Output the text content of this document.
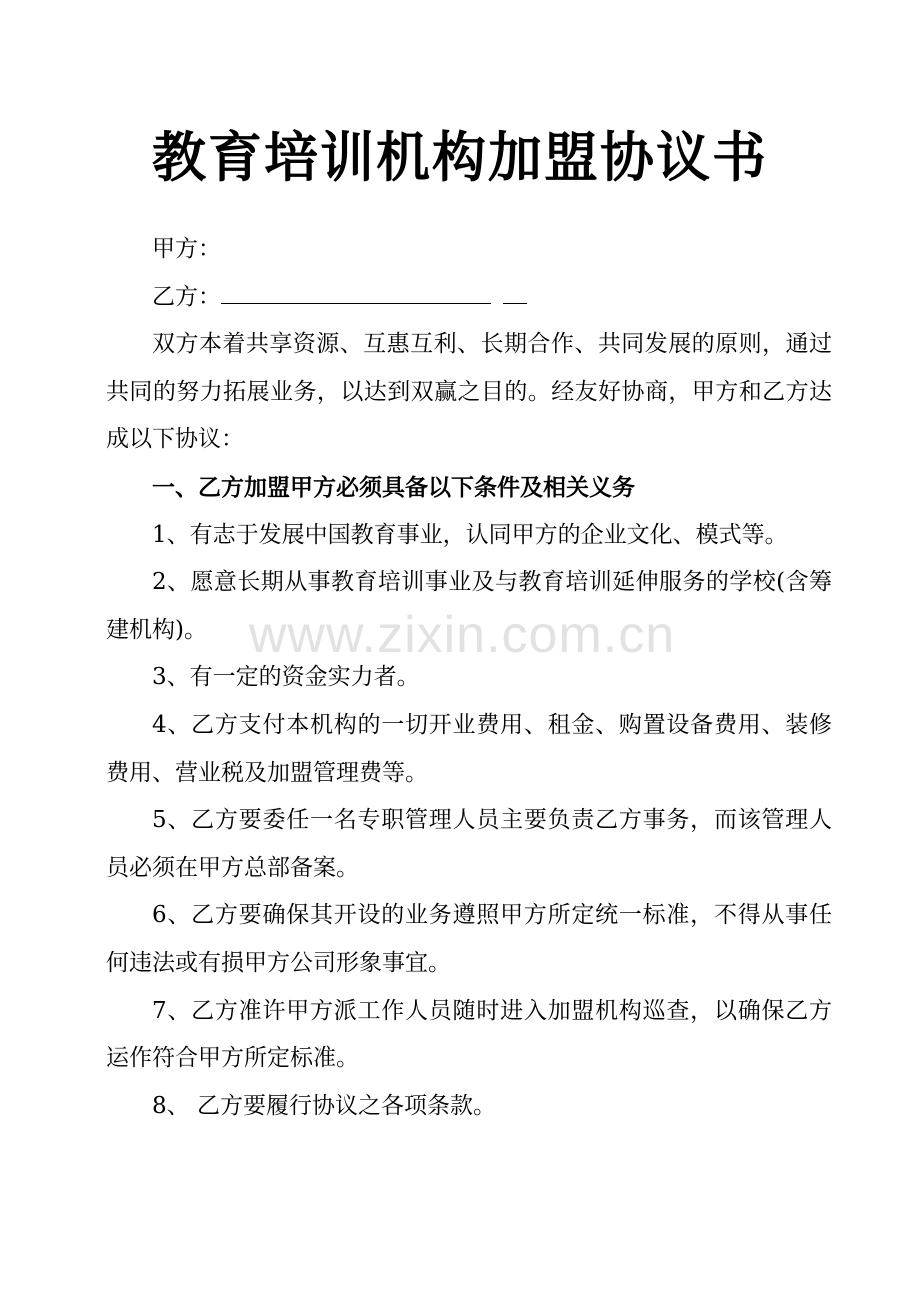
教育培训机构加盟协议书

甲方：

乙方：

双方本着共享资源、互惠互利、长期合作、共同发展的原则，通过共同的努力拓展业务，以达到双赢之目的。经友好协商，甲方和乙方达成以下协议：

一、乙方加盟甲方必须具备以下条件及相关义务

1、有志于发展中国教育事业，认同甲方的企业文化、模式等。

2、愿意长期从事教育培训事业及与教育培训延伸服务的学校(含筹建机构)。

3、有一定的资金实力者。

4、乙方支付本机构的一切开业费用、租金、购置设备费用、装修费用、营业税及加盟管理费等。

5、乙方要委任一名专职管理人员主要负责乙方事务，而该管理人员必须在甲方总部备案。

6、乙方要确保其开设的业务遵照甲方所定统一标准，不得从事任何违法或有损甲方公司形象事宜。

7、乙方准许甲方派工作人员随时进入加盟机构巡查，以确保乙方运作符合甲方所定标准。

8、 乙方要履行协议之各项条款。

www.zixin.com.cn
